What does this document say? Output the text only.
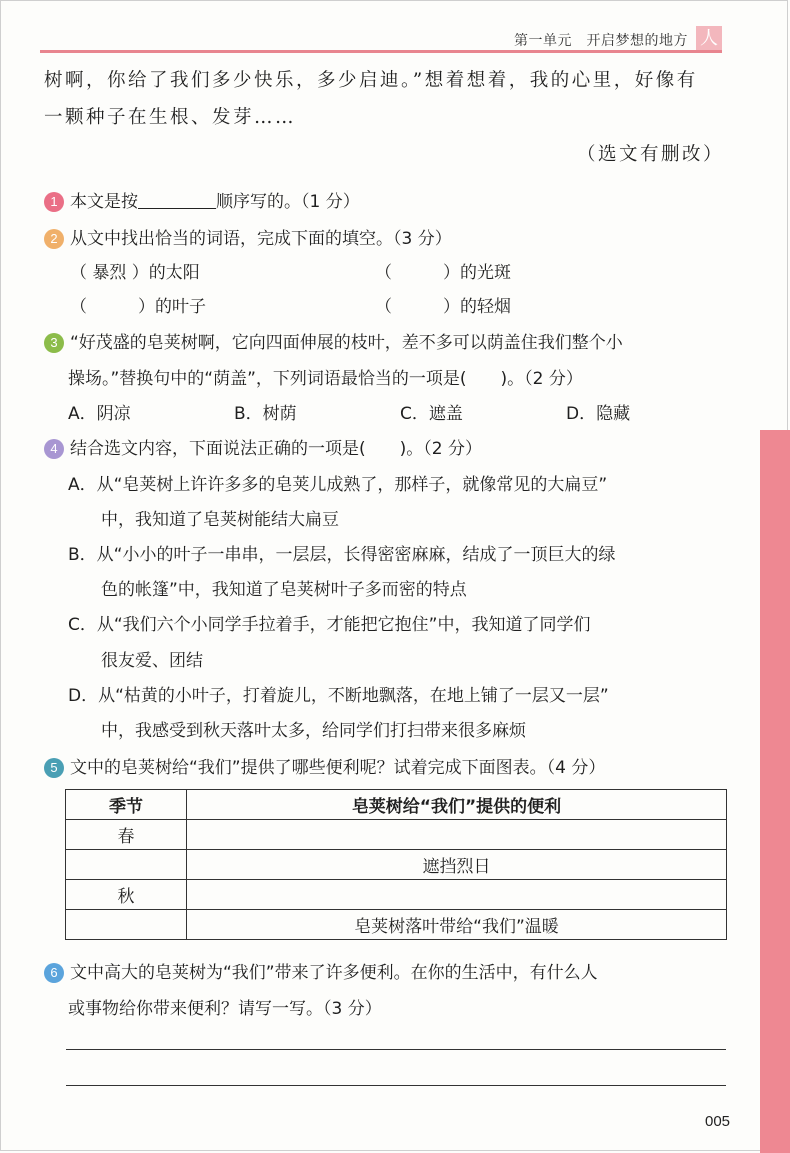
第一单元　 开启梦想的地方 人
树啊，你给了我们多少快乐，多少启迪。”想着想着，我的心里，好像有
一颗种子在生根、发芽……
（选文有删改）
1 本文是按	顺序写的。（1 分）
2 从文中找出恰当的词语，完成下面的填空。（3 分）
（ 暴烈 ）的太阳	（　　　）的光斑
（　　　）的叶子	（　　　）的轻烟
3 “好茂盛的皂荚树啊，它向四面伸展的枝叶，差不多可以荫盖住我们整个小
操场。”替换句中的“荫盖”，下列词语最恰当的一项是(　　)。（2 分）
A．阴凉	B．树荫	C．遮盖	D．隐藏
4 结合选文内容，下面说法正确的一项是(　　)。（2 分）
A．从“皂荚树上许许多多的皂荚儿成熟了，那样子，就像常见的大扁豆”
中，我知道了皂荚树能结大扁豆
B．从“小小的叶子一串串，一层层，长得密密麻麻，结成了一顶巨大的绿
色的帐篷”中，我知道了皂荚树叶子多而密的特点
C．从“我们六个小同学手拉着手，才能把它抱住”中，我知道了同学们
很友爱、团结
D．从“枯黄的小叶子，打着旋儿，不断地飘落，在地上铺了一层又一层”
中，我感受到秋天落叶太多，给同学们打扫带来很多麻烦
5 文中的皂荚树给“我们”提供了哪些便利呢？试着完成下面图表。（4 分）
季节	皂荚树给“我们”提供的便利
春	
	遮挡烈日
秋	
	皂荚树落叶带给“我们”温暖
6 文中高大的皂荚树为“我们”带来了许多便利。在你的生活中，有什么人
或事物给你带来便利？请写一写。（3 分）
005
